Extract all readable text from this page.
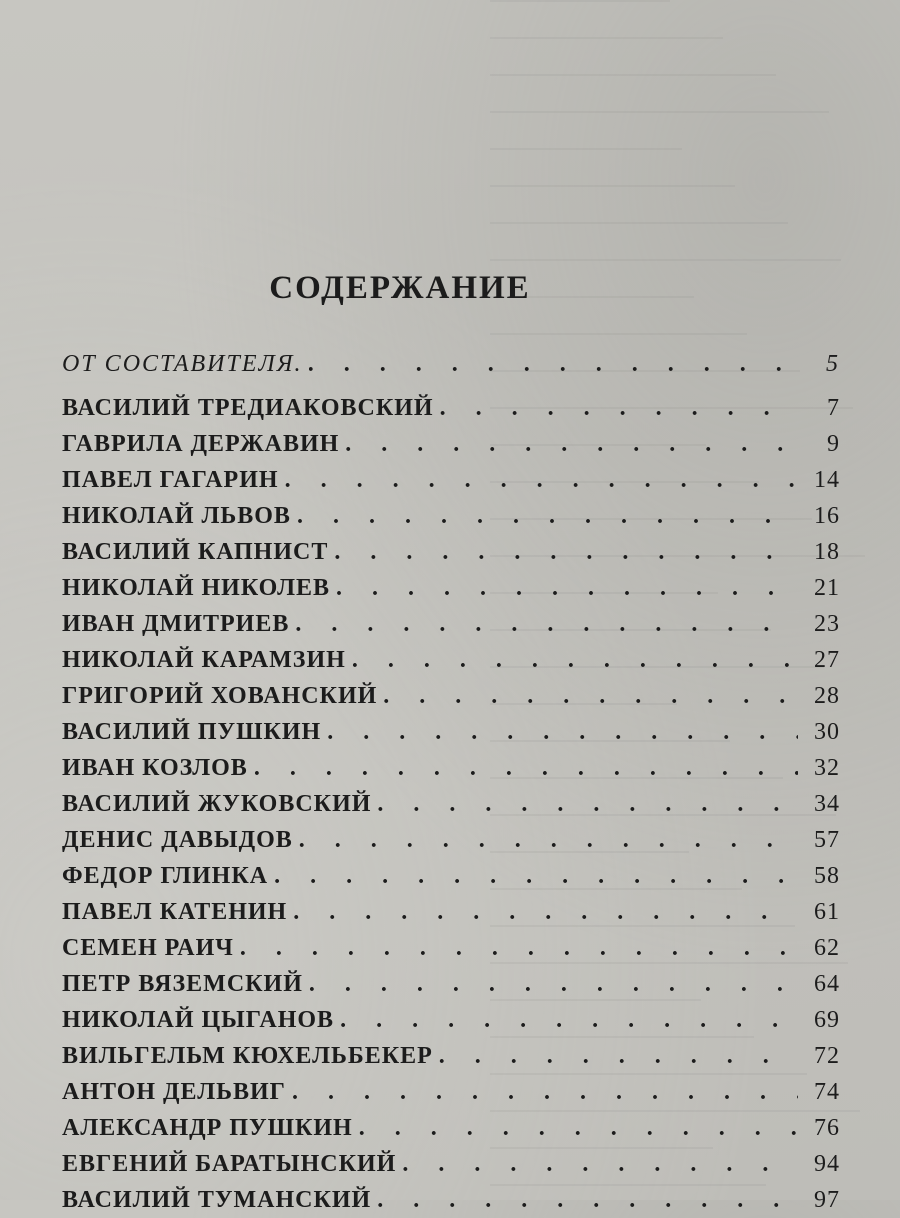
СОДЕРЖАНИЕ
ОТ СОСТАВИТЕЛЯ. . . .	5
ВАСИЛИЙ ТРЕДИАКОВСКИЙ . . .	7
ГАВРИЛА ДЕРЖАВИН . . .	9
ПАВЕЛ ГАГАРИН . . .	14
НИКОЛАЙ ЛЬВОВ . . .	16
ВАСИЛИЙ КАПНИСТ . . .	18
НИКОЛАЙ НИКОЛЕВ . . .	21
ИВАН ДМИТРИЕВ . . .	23
НИКОЛАЙ КАРАМЗИН . . .	27
ГРИГОРИЙ ХОВАНСКИЙ . . .	28
ВАСИЛИЙ ПУШКИН . . .	30
ИВАН КОЗЛОВ . . .	32
ВАСИЛИЙ ЖУКОВСКИЙ . . .	34
ДЕНИС ДАВЫДОВ . . .	57
ФЕДОР ГЛИНКА . . .	58
ПАВЕЛ КАТЕНИН . . .	61
СЕМЕН РАИЧ . . .	62
ПЕТР ВЯЗЕМСКИЙ . . .	64
НИКОЛАЙ ЦЫГАНОВ . . .	69
ВИЛЬГЕЛЬМ КЮХЕЛЬБЕКЕР . . .	72
АНТОН ДЕЛЬВИГ . . .	74
АЛЕКСАНДР ПУШКИН . . .	76
ЕВГЕНИЙ БАРАТЫНСКИЙ . . .	94
ВАСИЛИЙ ТУМАНСКИЙ . . .	97
